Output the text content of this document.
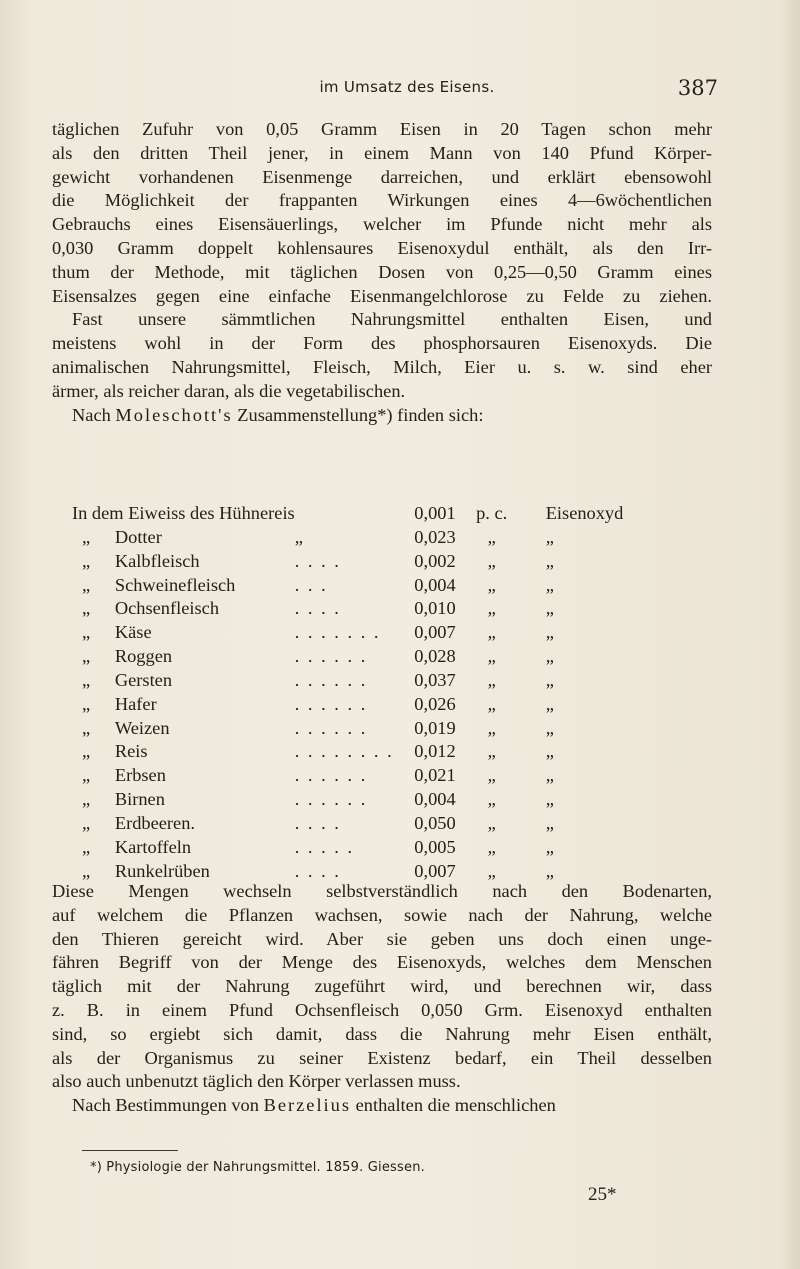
im Umsatz des Eisens.	387
täglichen Zufuhr von 0,05 Gramm Eisen in 20 Tagen schon mehr
als den dritten Theil jener, in einem Mann von 140 Pfund Körper-
gewicht vorhandenen Eisenmenge darreichen, und erklärt ebensowohl
die Möglichkeit der frappanten Wirkungen eines 4—6wöchentlichen
Gebrauchs eines Eisensäuerlings, welcher im Pfunde nicht mehr als
0,030 Gramm doppelt kohlensaures Eisenoxydul enthält, als den Irr-
thum der Methode, mit täglichen Dosen von 0,25—0,50 Gramm eines
Eisensalzes gegen eine einfache Eisenmangelchlorose zu Felde zu ziehen.
Fast unsere sämmtlichen Nahrungsmittel enthalten Eisen, und
meistens wohl in der Form des phosphorsauren Eisenoxyds. Die
animalischen Nahrungsmittel, Fleisch, Milch, Eier u. s. w. sind eher
ärmer, als reicher daran, als die vegetabilischen.
Nach Moleschott's Zusammenstellung*) finden sich:
In dem Eiweiss des Hühnereis			0,001	p. c.	Eisenoxyd
„	Dotter	„	0,023	„	„
„	Kalbfleisch	. . . .	0,002	„	„
„	Schweinefleisch	. . .	0,004	„	„
„	Ochsenfleisch	. . . .	0,010	„	„
„	Käse	. . . . . . .	0,007	„	„
„	Roggen	. . . . . .	0,028	„	„
„	Gersten	. . . . . .	0,037	„	„
„	Hafer	. . . . . .	0,026	„	„
„	Weizen	. . . . . .	0,019	„	„
„	Reis	. . . . . . . .	0,012	„	„
„	Erbsen	. . . . . .	0,021	„	„
„	Birnen	. . . . . .	0,004	„	„
„	Erdbeeren.	. . . .	0,050	„	„
„	Kartoffeln	. . . . .	0,005	„	„
„	Runkelrüben	. . . .	0,007	„	„
Diese Mengen wechseln selbstverständlich nach den Bodenarten,
auf welchem die Pflanzen wachsen, sowie nach der Nahrung, welche
den Thieren gereicht wird. Aber sie geben uns doch einen unge-
fähren Begriff von der Menge des Eisenoxyds, welches dem Menschen
täglich mit der Nahrung zugeführt wird, und berechnen wir, dass
z. B. in einem Pfund Ochsenfleisch 0,050 Grm. Eisenoxyd enthalten
sind, so ergiebt sich damit, dass die Nahrung mehr Eisen enthält,
als der Organismus zu seiner Existenz bedarf, ein Theil desselben
also auch unbenutzt täglich den Körper verlassen muss.
Nach Bestimmungen von Berzelius enthalten die menschlichen
*) Physiologie der Nahrungsmittel. 1859. Giessen.
25*
